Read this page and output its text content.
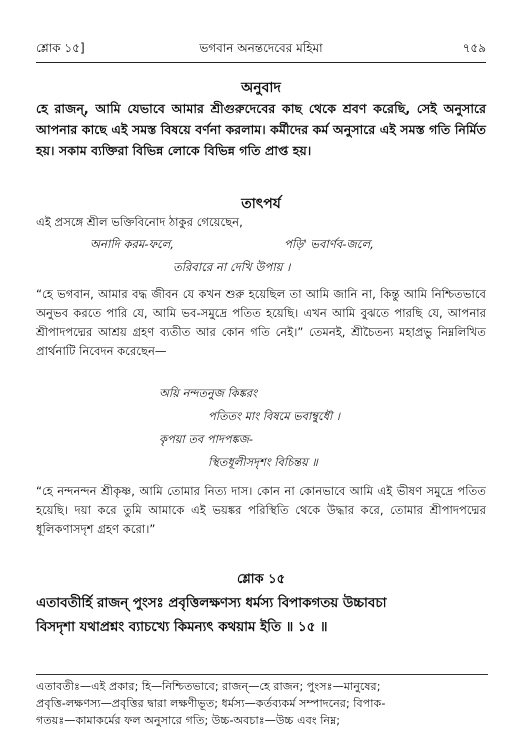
শ্লোক ১৫]	ভগবান অনন্তদেবের মহিমা	৭৫৯
অনুবাদ
হে রাজন্, আমি যেভাবে আমার শ্রীগুরুদেবের কাছ থেকে শ্রবণ করেছি, সেই অনুসারে আপনার কাছে এই সমস্ত বিষয়ে বর্ণনা করলাম। কর্মীদের কর্ম অনুসারে এই সমস্ত গতি নির্মিত হয়। সকাম ব্যক্তিরা বিভিন্ন লোকে বিভিন্ন গতি প্রাপ্ত হয়।
তাৎপর্য
এই প্রসঙ্গে শ্রীল ভক্তিবিনোদ ঠাকুর গেয়েছেন,
অনাদি করম-ফলে,	পড়ি' ভবার্ণব-জলে,
তরিবারে না দেখি উপায় ।
“হে ভগবান, আমার বদ্ধ জীবন যে কখন শুরু হয়েছিল তা আমি জানি না, কিন্তু আমি নিশ্চিতভাবে অনুভব করতে পারি যে, আমি ভব-সমুদ্রে পতিত হয়েছি। এখন আমি বুঝতে পারছি যে, আপনার শ্রীপাদপদ্মের আশ্রয় গ্রহণ ব্যতীত আর কোন গতি নেই।” তেমনই, শ্রীচৈতন্য মহাপ্রভু নিম্নলিখিত প্রার্থনাটি নিবেদন করেছেন—
অয়ি নন্দতনুজ কিঙ্করং
পতিতং মাং বিষমে ভবাম্বুধৌ ।
কৃপয়া তব পাদপঙ্কজ-
স্থিতধূলীসদৃশং বিচিন্তয় ॥
“হে নন্দনন্দন শ্রীকৃষ্ণ, আমি তোমার নিত্য দাস। কোন না কোনভাবে আমি এই ভীষণ সমুদ্রে পতিত হয়েছি। দয়া করে তুমি আমাকে এই ভয়ঙ্কর পরিস্থিতি থেকে উদ্ধার করে, তোমার শ্রীপাদপদ্মের ধূলিকণাসদৃশ গ্রহণ করো।”
শ্লোক ১৫
এতাবতীর্হি রাজন্ পুংসঃ প্রবৃত্তিলক্ষণস্য ধর্মস্য বিপাকগতয় উচ্চাবচা
বিসদৃশা যথাপ্রশ্নং ব্যাচখ্যে কিমন্যৎ কথয়াম ইতি ॥ ১৫ ॥
এতাবতীঃ—এই প্রকার; হি—নিশ্চিতভাবে; রাজন্—হে রাজন; পুংসঃ—মানুষের;
প্রবৃত্তি-লক্ষণস্য—প্রবৃত্তির দ্বারা লক্ষণীভূত; ধর্মস্য—কর্তব্যকর্ম সম্পাদনের; বিপাক-
গতয়ঃ—কামাকর্মের ফল অনুসারে গতি; উচ্চ-অবচাঃ—উচ্চ এবং নিম্ন;
